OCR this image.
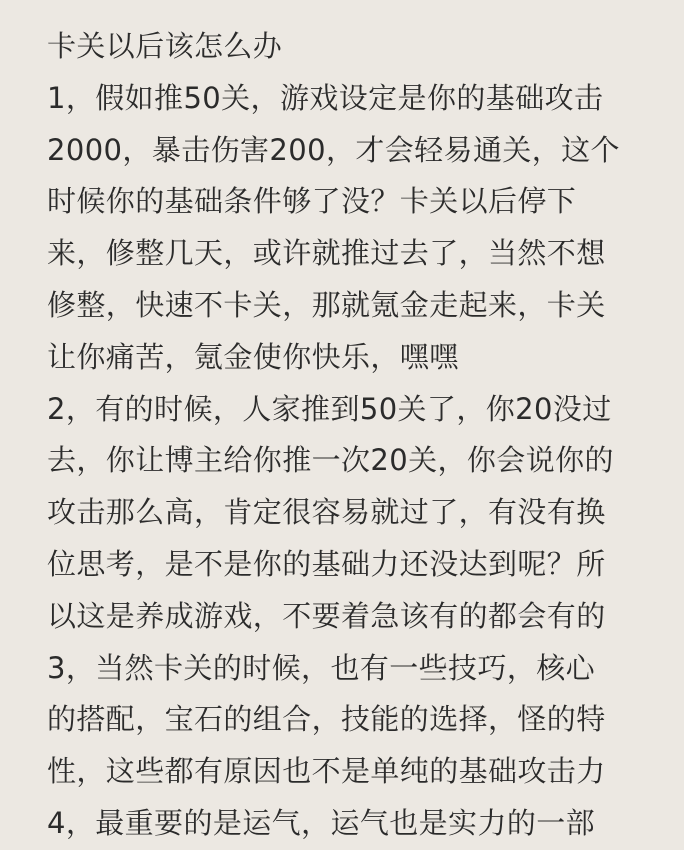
卡关以后该怎么办
1，假如推50关，游戏设定是你的基础攻击
2000，暴击伤害200，才会轻易通关，这个
时候你的基础条件够了没？卡关以后停下
来，修整几天，或许就推过去了，当然不想
修整，快速不卡关，那就氪金走起来，卡关
让你痛苦，氪金使你快乐，嘿嘿
2，有的时候，人家推到50关了，你20没过
去，你让博主给你推一次20关，你会说你的
攻击那么高，肯定很容易就过了，有没有换
位思考，是不是你的基础力还没达到呢？所
以这是养成游戏，不要着急该有的都会有的
3，当然卡关的时候，也有一些技巧，核心
的搭配，宝石的组合，技能的选择，怪的特
性，这些都有原因也不是单纯的基础攻击力
4，最重要的是运气，运气也是实力的一部
